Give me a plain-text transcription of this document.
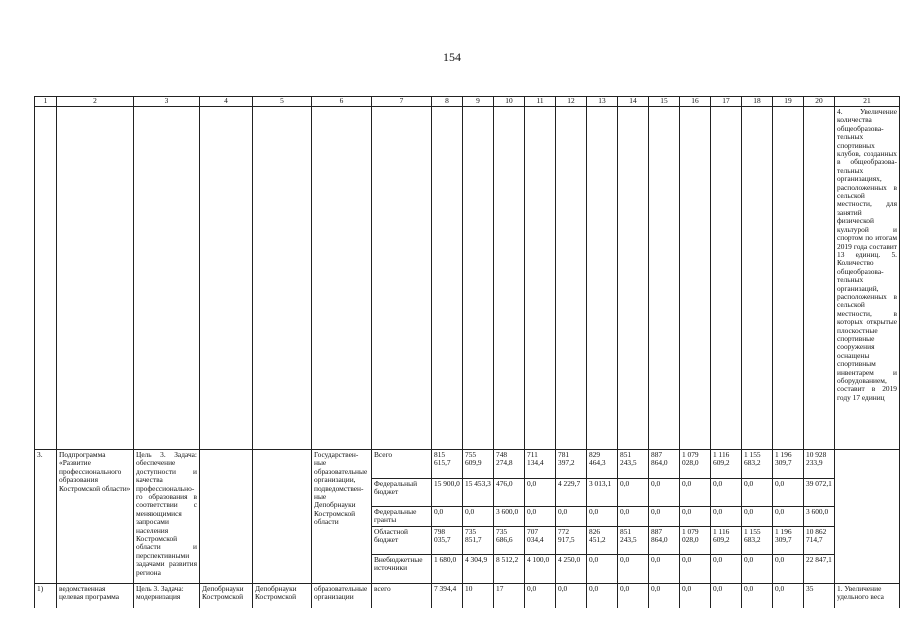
154
1	2	3	4	5	6	7	8	9	10	11	12	13	14	15	16	17	18	19	20	21
																				4. Увеличение количества общеобразова-тельных спортивных клубов, созданных в общеобразова-тельных организациях, расположенных в сельской местности, для занятий физической культурой и спортом по итогам 2019 года составит 13 единиц. 5. Количество общеобразова-тельных организаций, расположенных в сельской местности, в которых открытые плоскостные спортивные сооружения оснащены спортивным инвентарем и оборудованием, составит в 2019 году 17 единиц
3.	Подпрограмма «Развитие профессионального образования Костромской области»	Цель 3. Задача: обеспечение доступности и качества профессионально-го образования в соответствии с меняющимися запросами населения Костромской области и перспективными задачами развития региона			Государствен-ные образовательные организации, подведомствен-ные Депобрнауки Костромской области	Всего	815 615,7	755 609,9	748 274,8	711 134,4	781 397,2	829 464,3	851 243,5	887 864,0	1 079 028,0	1 116 609,2	1 155 683,2	1 196 309,7	10 928 233,9	
						Федеральный бюджет	15 900,0	15 453,3	476,0	0,0	4 229,7	3 013,1	0,0	0,0	0,0	0,0	0,0	0,0	39 072,1	
						Федеральные гранты	0,0	0,0	3 600,0	0,0	0,0	0,0	0,0	0,0	0,0	0,0	0,0	0,0	3 600,0	
						Областной бюджет	798 035,7	735 851,7	735 686,6	707 034,4	772 917,5	826 451,2	851 243,5	887 864,0	1 079 028,0	1 116 609,2	1 155 683,2	1 196 309,7	10 862 714,7	
						Внебюджетные источники	1 680,0	4 304,9	8 512,2	4 100,0	4 250,0	0,0	0,0	0,0	0,0	0,0	0,0	0,0	22 847,1	
1)	ведомственная целевая программа	Цель 3. Задача: модернизация	Депобрнауки Костромской	Депобрнауки Костромской	образовательные организации	всего	7 394,4	10	17	0,0	0,0	0,0	0,0	0,0	0,0	0,0	0,0	0,0	35	1. Увеличение удельного веса
